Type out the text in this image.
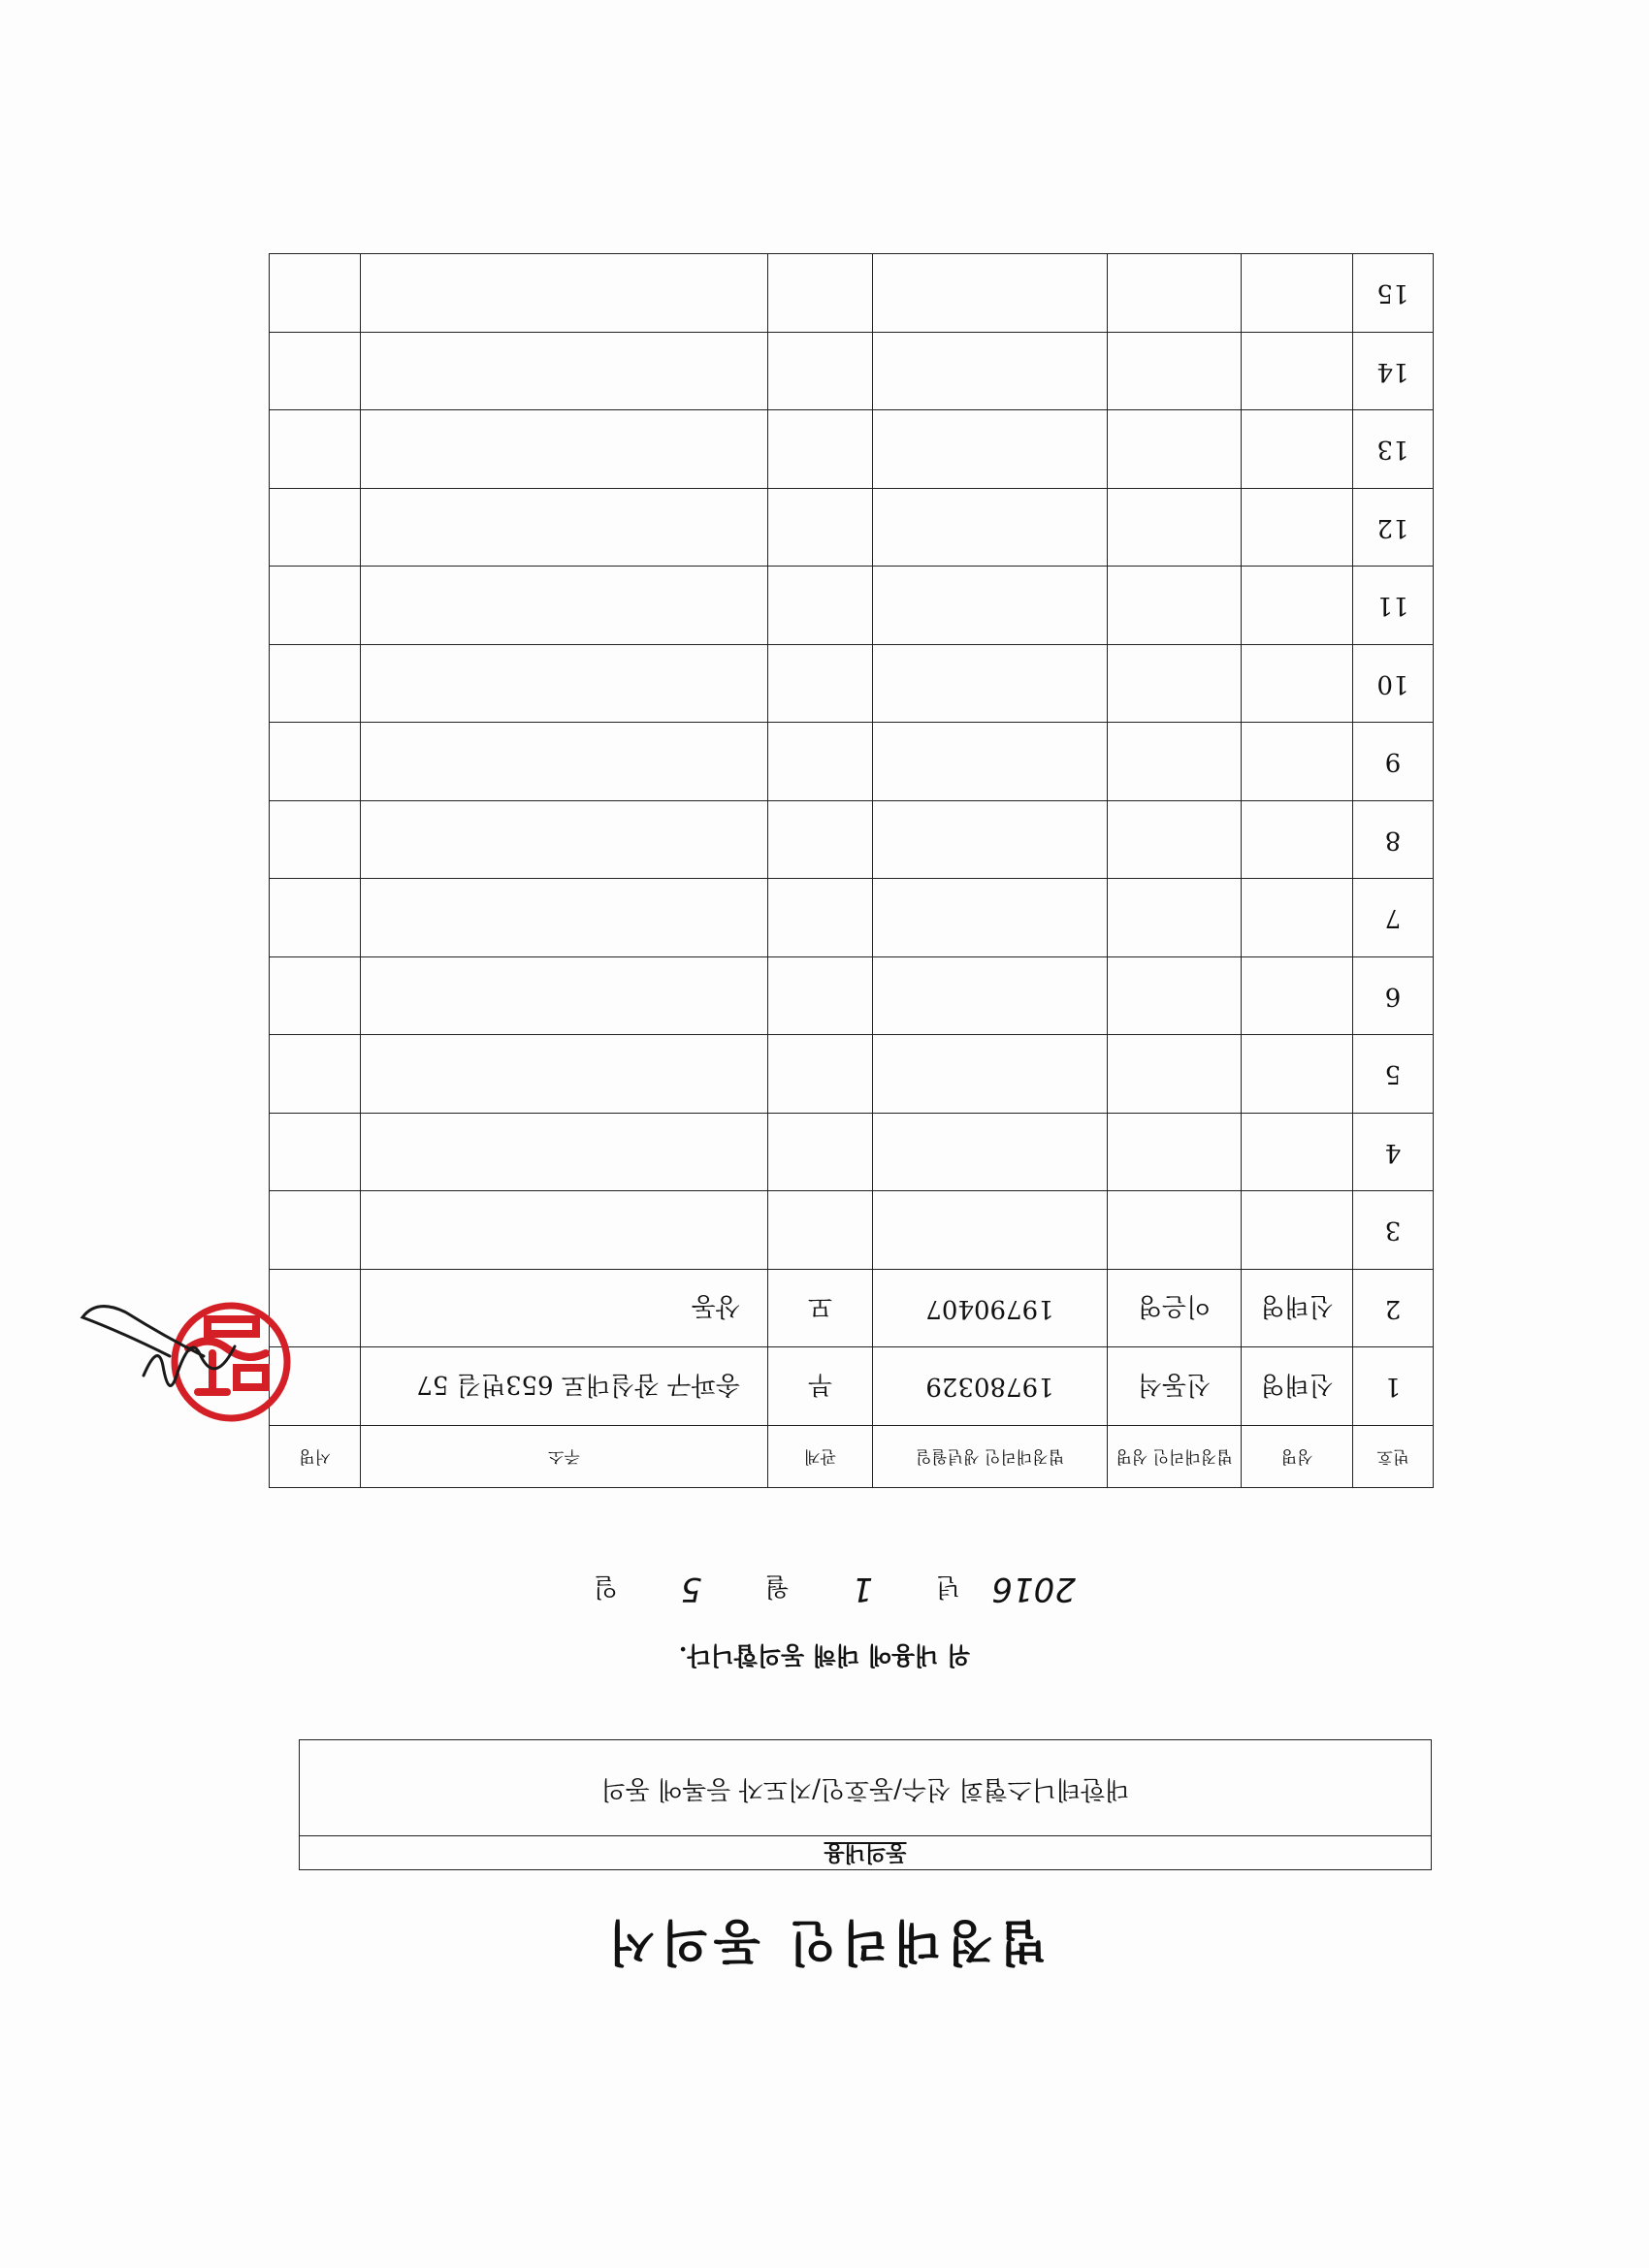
법정대리인 동의서
동의내용
대한테니스협회 선수/동호인/지도자 등록에 동의
위 내용에 대해 동의합니다.
2016 년 1 월 5 일
번호	성명	법정대리인 성명	법정대리인 생년월일	관계	주소	서명
1	신태영	신동석	19780329	부	송파구 잠실대로 653번길 57	
2	신태영	이은영	19790407	모	상동	
3						
4						
5						
6						
7						
8						
9						
10						
11						
12						
13						
14						
15						
